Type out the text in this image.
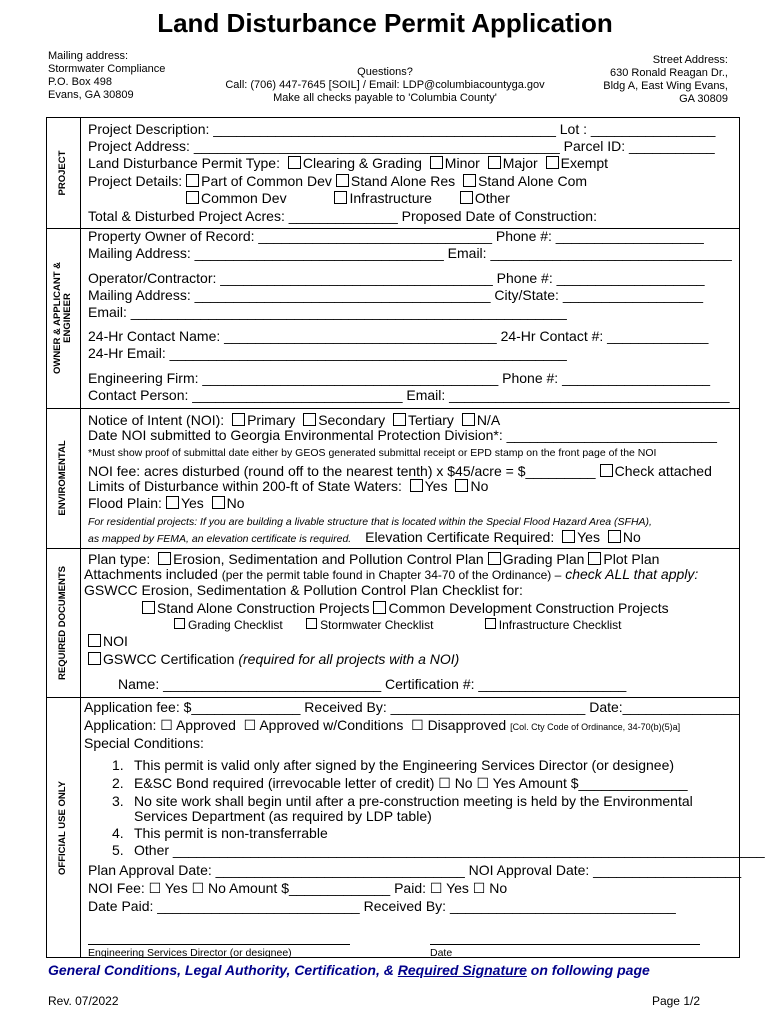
Land Disturbance Permit Application
Mailing address:
Stormwater Compliance
P.O. Box 498
Evans, GA 30809
Questions?
Call: (706) 447-7645 [SOIL] / Email: LDP@columbiacountyga.gov
Make all checks payable to 'Columbia County'
Street Address:
630 Ronald Reagan Dr.,
Bldg A, East Wing Evans,
GA 30809
PROJECT
OWNER & APPLICANT &
ENGINEER
ENVIROMENTAL
REQUIRED DOCUMENTS
OFFICIAL USE ONLY
Project Description: ____________________________________________ Lot : ________________
Project Address: _______________________________________________ Parcel ID: ___________
Land Disturbance Permit Type: Clearing & Grading Minor Major Exempt
Project Details: Part of Common Dev Stand Alone Res Stand Alone Com
Common Dev	Infrastructure	Other
Total & Disturbed Project Acres: ______________ Proposed Date of Construction:
Property Owner of Record: ______________________________ Phone #: ___________________
Mailing Address: ________________________________ Email: _______________________________
Operator/Contractor: ___________________________________ Phone #: ___________________
Mailing Address: ______________________________________ City/State: __________________
Email: ________________________________________________________
24-Hr Contact Name: ___________________________________ 24-Hr Contact #: _____________
24-Hr Email: ___________________________________________________
Engineering Firm: ______________________________________ Phone #: ___________________
Contact Person: ___________________________ Email: ____________________________________
Notice of Intent (NOI): Primary Secondary Tertiary N/A
Date NOI submitted to Georgia Environmental Protection Division*: ___________________________
*Must show proof of submittal date either by GEOS generated submittal receipt or EPD stamp on the front page of the NOI
NOI fee: acres disturbed (round off to the nearest tenth) x $45/acre = $_________ Check attached
Limits of Disturbance within 200-ft of State Waters: Yes No
Flood Plain: Yes No
For residential projects: If you are building a livable structure that is located within the Special Flood Hazard Area (SFHA),
as mapped by FEMA, an elevation certificate is required. Elevation Certificate Required: Yes No
Plan type: Erosion, Sedimentation and Pollution Control Plan Grading Plan Plot Plan
Attachments included (per the permit table found in Chapter 34-70 of the Ordinance) – check ALL that apply:
GSWCC Erosion, Sedimentation & Pollution Control Plan Checklist for:
Stand Alone Construction Projects Common Development Construction Projects
Grading Checklist	Stormwater Checklist	Infrastructure Checklist
NOI
GSWCC Certification (required for all projects with a NOI)
Name: ____________________________ Certification #: ___________________
Application fee: $______________ Received By: _________________________ Date:_______________
Application: ☐ Approved ☐ Approved w/Conditions ☐ Disapproved [Col. Cty Code of Ordinance, 34-70(b)(5)a]
Special Conditions:
1. This permit is valid only after signed by the Engineering Services Director (or designee)
2. E&SC Bond required (irrevocable letter of credit) ☐ No ☐ Yes Amount $______________
3. No site work shall begin until after a pre-construction meeting is held by the Environmental
Services Department (as required by LDP table)
4. This permit is non-transferrable
5. Other ____________________________________________________________________________
Plan Approval Date: ________________________________ NOI Approval Date: ___________________
NOI Fee: ☐ Yes ☐ No Amount $_____________ Paid: ☐ Yes ☐ No
Date Paid: __________________________ Received By: _____________________________
Engineering Services Director (or designee)	Date
General Conditions, Legal Authority, Certification, & Required Signature on following page
Rev. 07/2022	Page 1/2
